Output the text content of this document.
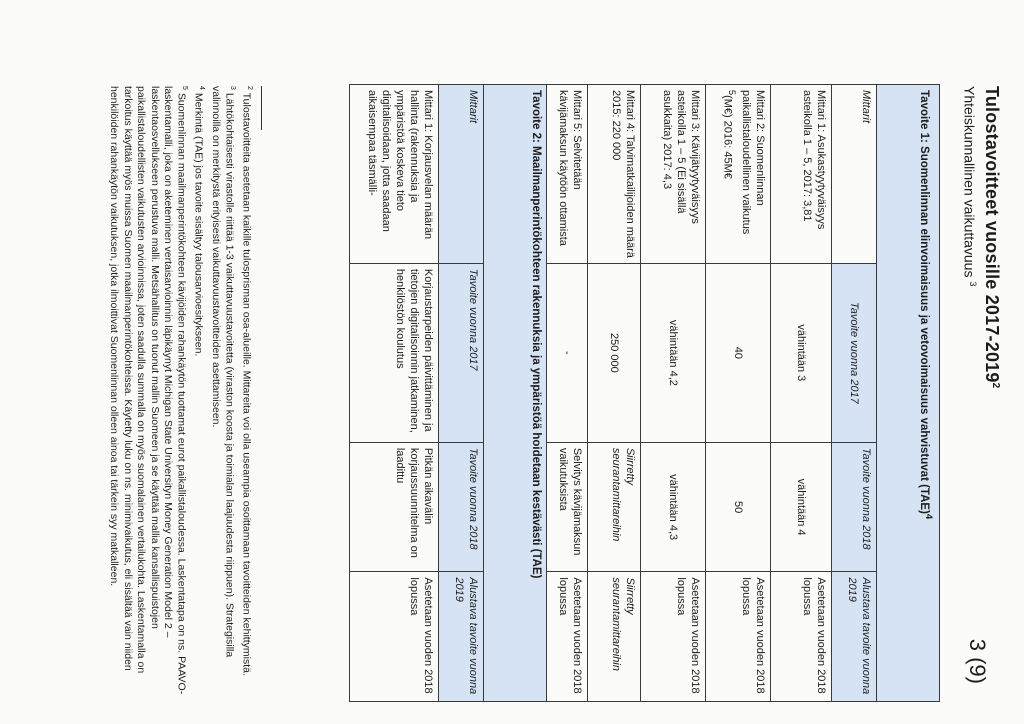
3 (9)
Tulostavoitteet vuosille 2017-2019$^2$
Yhteiskunnallinen vaikuttavuus $^3$
Tavoite 1: Suomenlinnan elinvoimaisuus ja vetovoimaisuus vahvistuvat (TAE)$^4$
Mittarit	Tavoite vuonna 2017	Tavoite vuonna 2018	Alustava tavoite vuonna 2019
Mittari 1: Asukastyytyväisyys asteikolla 1 – 5, 2017: 3,81	vähintään 3	vähintään 4	Asetetaan vuoden 2018 lopussa
Mittari 2: Suomenlinnan paikallistaloudellinen vaikutus $^5$(M€) 2016: 45M€	40	50	Asetetaan vuoden 2018 lopussa
Mittari 3: Kävijätyytyväisyys asteikolla 1 – 5 (Ei sisällä asukkaita) 2017: 4,3	vähintään 4,2	vähintään 4,3	Asetetaan vuoden 2018 lopussa
Mittari 4: Talvimatkailijoiden määrä 2015: 220 000	250 000	Siirretty seurantamittareihin	Siirretty seurantamittareihin
Mittari 5: Selvitetään kävijämaksun käytöön ottamista	-	Selvitys kävijämaksun vaikutuksista	Asetetaan vuoden 2018 lopussa
Tavoite 2: Maailmanperintökohteen rakennuksia ja ympäristöä hoidetaan kestävästi (TAE)			
Mittarit	Tavoite vuonna 2017	Tavoite vuonna 2018	Alustava tavoite vuonna 2019
Mittari 1: Korjausvelan määrän hallinta (rakennuksia ja ympäristöä koskeva tieto digitalisoidaan, jotta saadaan aikaisempaa täsmälli-	Korjaustarpeiden päivittäminen ja tietojen digitalisoinnin jatkaminen, henkilöstön koulutus	Pitkän aikavälin korjaussuunnitelma on laadittu	Asetetaan vuoden 2018 lopussa

$^2$ Tulostavoitteita asetetaan kaikille tulosprisman osa-alueille. Mittareita voi olla useampia osoittamaan tavoitteiden kehittymistä.

$^3$ Lähtökohtaisesti virastolle riittää 1-3 vaikuttavuustavoitetta (viraston koosta ja toimialan laajuudesta riippuen). Strategisilla valinnoilla on merkitystä erityisesti vaikuttavuustavoitteiden asettamiseen.

$^4$ Merkintä (TAE) jos tavoite sisältyy talousarvioesitykseen.

$^5$ Suomenlinnan maailmanperintökohteen kävijöiden rahankäytön tuottamat eurot paikallistaloudessa. Laskentatapa on ns. PAAVO-laskentamalli, joka on aketeminen vertaisarvioinnin läpikäynyt Michigan State Universityn Money Generation Model 2 –laskentaosvellukseen perustuva malli. Metsähallitus on tuonut mallin Suomeen ja se käyttää mallia kansallispuistojen paikallistaloudellisten vaikutusten arvioinnissa, joten saadulla summalla on myös suomalainen vertailukohta. Laskentamalla on tarkoitus käyttää myös muissa Suomen maailmanperintökohteissa. Käytetty luku on ns. minimivaikutus, eli sisältää vain niiden henkilöiden rahankäytön vaikutuksen, jotka ilmoittivat Suomenlinnan olleen ainoa tai tärkein syy matkalleen.
